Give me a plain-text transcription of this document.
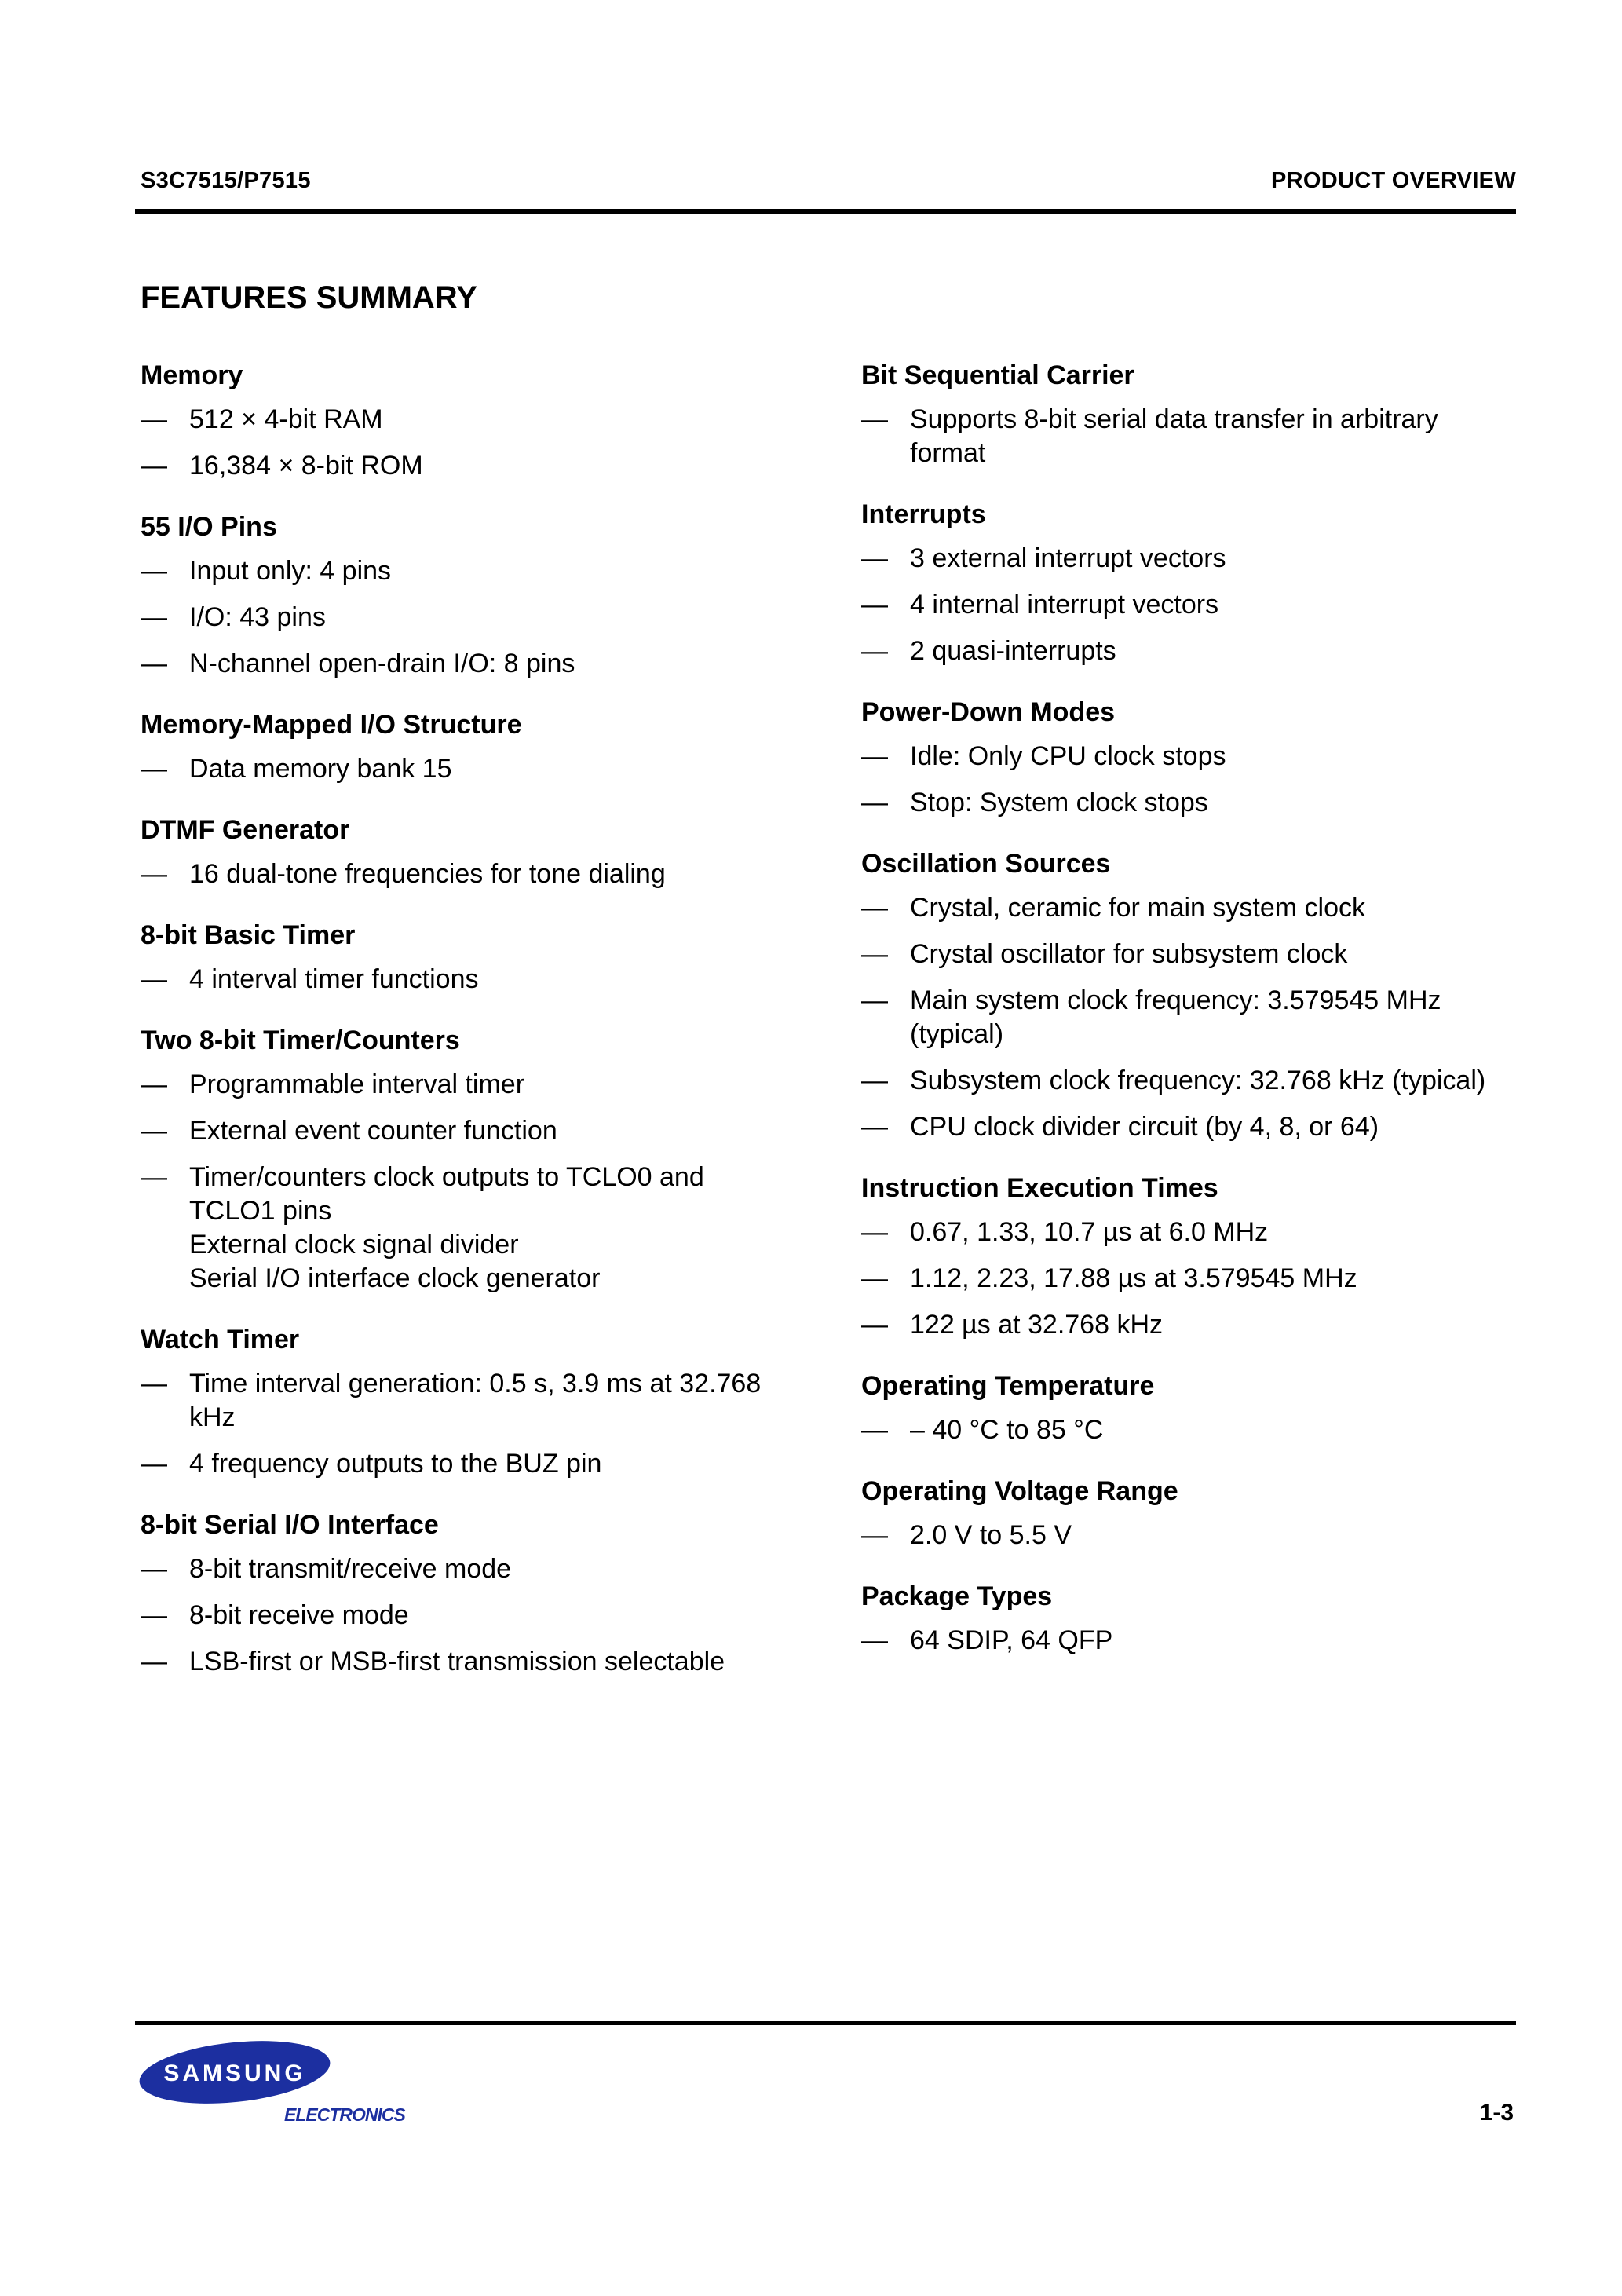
S3C7515/P7515	PRODUCT OVERVIEW
FEATURES SUMMARY
Memory
— 512 × 4-bit RAM
— 16,384 × 8-bit ROM
55 I/O Pins
— Input only: 4 pins
— I/O: 43 pins
— N-channel open-drain I/O: 8 pins
Memory-Mapped I/O Structure
— Data memory bank 15
DTMF Generator
— 16 dual-tone frequencies for tone dialing
8-bit Basic Timer
— 4 interval timer functions
Two 8-bit Timer/Counters
— Programmable interval timer
— External event counter function
— Timer/counters clock outputs to TCLO0 and
TCLO1 pins
External clock signal divider
Serial I/O interface clock generator
Watch Timer
— Time interval generation: 0.5 s, 3.9 ms at 32.768
kHz
— 4 frequency outputs to the BUZ pin
8-bit Serial I/O Interface
— 8-bit transmit/receive mode
— 8-bit receive mode
— LSB-first or MSB-first transmission selectable
Bit Sequential Carrier
— Supports 8-bit serial data transfer in arbitrary
format
Interrupts
— 3 external interrupt vectors
— 4 internal interrupt vectors
— 2 quasi-interrupts
Power-Down Modes
— Idle: Only CPU clock stops
— Stop: System clock stops
Oscillation Sources
— Crystal, ceramic for main system clock
— Crystal oscillator for subsystem clock
— Main system clock frequency: 3.579545 MHz
(typical)
— Subsystem clock frequency: 32.768 kHz (typical)
— CPU clock divider circuit (by 4, 8, or 64)
Instruction Execution Times
— 0.67, 1.33, 10.7 µs at 6.0 MHz
— 1.12, 2.23, 17.88 µs at 3.579545 MHz
— 122 µs at 32.768 kHz
Operating Temperature
— – 40 °C to 85 °C
Operating Voltage Range
— 2.0 V to 5.5 V
Package Types
— 64 SDIP, 64 QFP
SAMSUNG
ELECTRONICS	1-3
